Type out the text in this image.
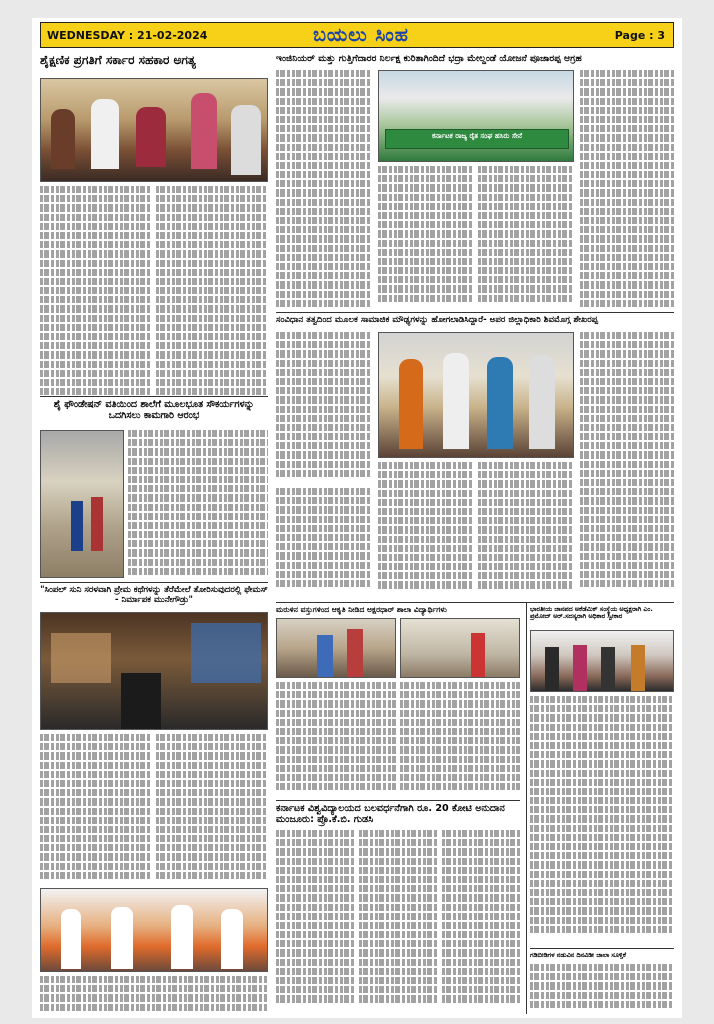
WEDNESDAY : 21-02-2024	ಬಯಲು ಸಿಂಹ	Page : 3
ಶೈಕ್ಷಣಿಕ ಪ್ರಗತಿಗೆ ಸರ್ಕಾರ ಸಹಕಾರ ಅಗತ್ಯ
ಶೈ ಫೌಂಡೇಷನ್ ವತಿಯಿಂದ ಶಾಲೆಗೆ ಮೂಲಭೂತ ಸೌಕರ್ಯಗಳನ್ನು ಒದಗಿಸಲು ಕಾಮಗಾರಿ ಆರಂಭ
"ಸಿಂಪಲ್ ಸುನಿ ಸರಳವಾಗಿ ಪ್ರೇಮ ಕಥೆಗಳನ್ನು ತೆರೆಮೇಲೆ ತೋರಿಸುವುದರಲ್ಲಿ ಫೇಮಸ್ - ನಿರ್ಮಾಪಕ ಮುನೇಗೌಡ್ರು"
ಇಂಜಿನಿಯರ್ ಮತ್ತು ಗುತ್ತಿಗೆದಾರರ ನಿರ್ಲಕ್ಷ ಕುರಿತಾಗಿಂದಿದೆ ಭದ್ರಾ ಮೇಲ್ದಂಡೆ ಯೋಜನೆ ಪೂಜಾರಪ್ಪ ಆಗ್ರಹ
ಕರ್ನಾಟಕ ರಾಜ್ಯ ರೈತ ಸಂಘ ಹಸಿರು ಸೇನೆ
ಸಂವಿಧಾನ ತತ್ವದಿಂದ ಮೂಲಕ ಸಾಮಾಜಿಕ ಮೌಢ್ಯಗಳನ್ನು ಹೋಗಲಾಡಿಸಿದ್ದಾರೆ- ಅಪರ ಜಿಲ್ಲಾಧಿಕಾರಿ ಶಿವಮೊಗ್ಗ ಶೇಖರಪ್ಪ
ಮರುಳಿನ ವಸ್ತುಗಳಿಂದ ಆಕೃತಿ ನೀಡಿದ ಅಕ್ಷರಧಾರ್ ಶಾಲಾ ವಿದ್ಯಾರ್ಥಿಗಳು
ಕರ್ನಾಟಕ ವಿಶ್ವವಿದ್ಯಾಲಯದ ಬಲವರ್ಧನೆಗಾಗಿ ರೂ. 20 ಕೋಟಿ ಅನುದಾನ ಮಂಜೂರು: ಪ್ರೊ.ಕೆ.ಬಿ. ಗುಡಸಿ
ಭಾರತೀಯ ಜಾನಪದ ಅಕೆಡೆಮಿಕ್ ಸಂಸ್ಥೆಯ ಅಧ್ಯಕ್ಷರಾಗಿ ಎಂ. ಪ್ರಮೋದ್ ಅರ್.ಸದಸ್ಯರಾಗಿ ಅಧಿಕಾರ ಸ್ವೀಕಾರ
ಗಡಿಬೀಡಿಗಳ ನಡುವಿನ ದಿನವಿಡೀ ಜಾಲಾ ಸೂಳ್ತಿಕೆ
